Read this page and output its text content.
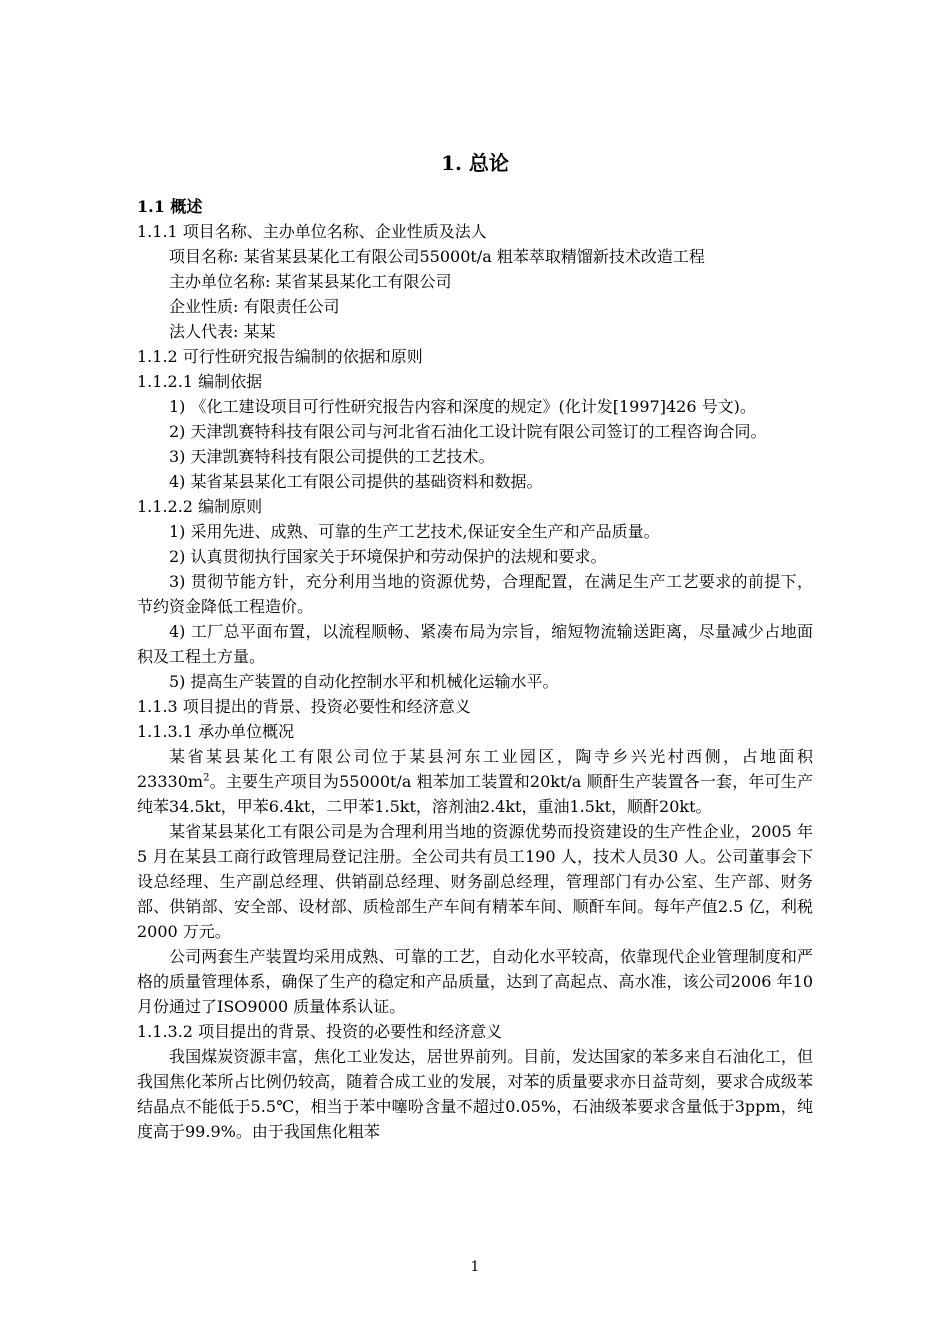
1. 总论
1.1 概述
1.1.1 项目名称、主办单位名称、企业性质及法人

项目名称: 某省某县某化工有限公司55000t/a 粗苯萃取精馏新技术改造工程

主办单位名称: 某省某县某化工有限公司

企业性质: 有限责任公司

法人代表: 某某

1.1.2 可行性研究报告编制的依据和原则
1.1.2.1 编制依据

1) 《化工建设项目可行性研究报告内容和深度的规定》(化计发[1997]426 号文)。

2) 天津凯赛特科技有限公司与河北省石油化工设计院有限公司签订的工程咨询合同。

3) 天津凯赛特科技有限公司提供的工艺技术。

4) 某省某县某化工有限公司提供的基础资料和数据。

1.1.2.2 编制原则

1) 采用先进、成熟、可靠的生产工艺技术,保证安全生产和产品质量。

2) 认真贯彻执行国家关于环境保护和劳动保护的法规和要求。

3) 贯彻节能方针，充分利用当地的资源优势，合理配置，在满足生产工艺要求的前提下，节约资金降低工程造价。

4) 工厂总平面布置，以流程顺畅、紧凑布局为宗旨，缩短物流输送距离，尽量减少占地面积及工程土方量。

5) 提高生产装置的自动化控制水平和机械化运输水平。

1.1.3 项目提出的背景、投资必要性和经济意义
1.1.3.1 承办单位概况

某省某县某化工有限公司位于某县河东工业园区，陶寺乡兴光村西侧，占地面积$23330m^2$。主要生产项目为55000t/a 粗苯加工装置和20kt/a 顺酐生产装置各一套，年可生产纯苯34.5kt，甲苯6.4kt，二甲苯1.5kt，溶剂油2.4kt，重油1.5kt，顺酐20kt。

某省某县某化工有限公司是为合理利用当地的资源优势而投资建设的生产性企业，2005 年5 月在某县工商行政管理局登记注册。全公司共有员工190 人，技术人员30 人。公司董事会下设总经理、生产副总经理、供销副总经理、财务副总经理，管理部门有办公室、生产部、财务部、供销部、安全部、设材部、质检部生产车间有精苯车间、顺酐车间。每年产值2.5 亿，利税2000 万元。

公司两套生产装置均采用成熟、可靠的工艺，自动化水平较高，依靠现代企业管理制度和严格的质量管理体系，确保了生产的稳定和产品质量，达到了高起点、高水准，该公司2006 年10 月份通过了ISO9000 质量体系认证。

1.1.3.2 项目提出的背景、投资的必要性和经济意义

我国煤炭资源丰富，焦化工业发达，居世界前列。目前，发达国家的苯多来自石油化工，但我国焦化苯所占比例仍较高，随着合成工业的发展，对苯的质量要求亦日益苛刻，要求合成级苯结晶点不能低于5.5℃，相当于苯中噻吩含量不超过0.05%，石油级苯要求含量低于3ppm，纯度高于99.9%。由于我国焦化粗苯

1
